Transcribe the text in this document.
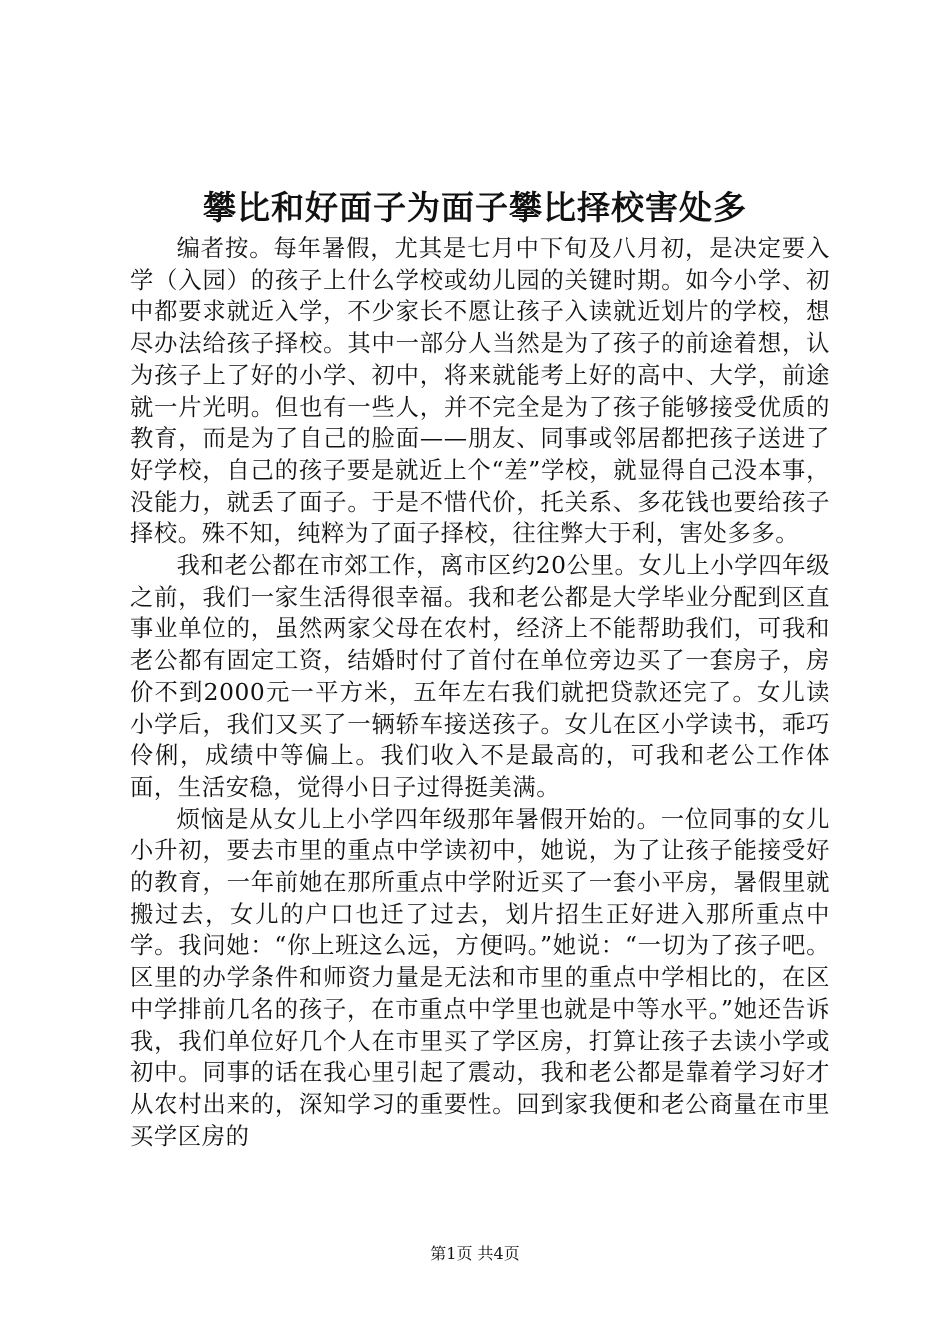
攀比和好面子为面子攀比择校害处多

编者按。每年暑假，尤其是七月中下旬及八月初，是决定要入学（入园）的孩子上什么学校或幼儿园的关键时期。如今小学、初中都要求就近入学，不少家长不愿让孩子入读就近划片的学校，想尽办法给孩子择校。其中一部分人当然是为了孩子的前途着想，认为孩子上了好的小学、初中，将来就能考上好的高中、大学，前途就一片光明。但也有一些人，并不完全是为了孩子能够接受优质的教育，而是为了自己的脸面——朋友、同事或邻居都把孩子送进了好学校，自己的孩子要是就近上个“差”学校，就显得自己没本事，没能力，就丢了面子。于是不惜代价，托关系、多花钱也要给孩子择校。殊不知，纯粹为了面子择校，往往弊大于利，害处多多。

我和老公都在市郊工作，离市区约20公里。女儿上小学四年级之前，我们一家生活得很幸福。我和老公都是大学毕业分配到区直事业单位的，虽然两家父母在农村，经济上不能帮助我们，可我和老公都有固定工资，结婚时付了首付在单位旁边买了一套房子，房价不到2000元一平方米，五年左右我们就把贷款还完了。女儿读小学后，我们又买了一辆轿车接送孩子。女儿在区小学读书，乖巧伶俐，成绩中等偏上。我们收入不是最高的，可我和老公工作体面，生活安稳，觉得小日子过得挺美满。

烦恼是从女儿上小学四年级那年暑假开始的。一位同事的女儿小升初，要去市里的重点中学读初中，她说，为了让孩子能接受好的教育，一年前她在那所重点中学附近买了一套小平房，暑假里就搬过去，女儿的户口也迁了过去，划片招生正好进入那所重点中学。我问她：“你上班这么远，方便吗。”她说：“一切为了孩子吧。区里的办学条件和师资力量是无法和市里的重点中学相比的，在区中学排前几名的孩子，在市重点中学里也就是中等水平。”她还告诉我，我们单位好几个人在市里买了学区房，打算让孩子去读小学或初中。同事的话在我心里引起了震动，我和老公都是靠着学习好才从农村出来的，深知学习的重要性。回到家我便和老公商量在市里买学区房的

第1页 共4页
